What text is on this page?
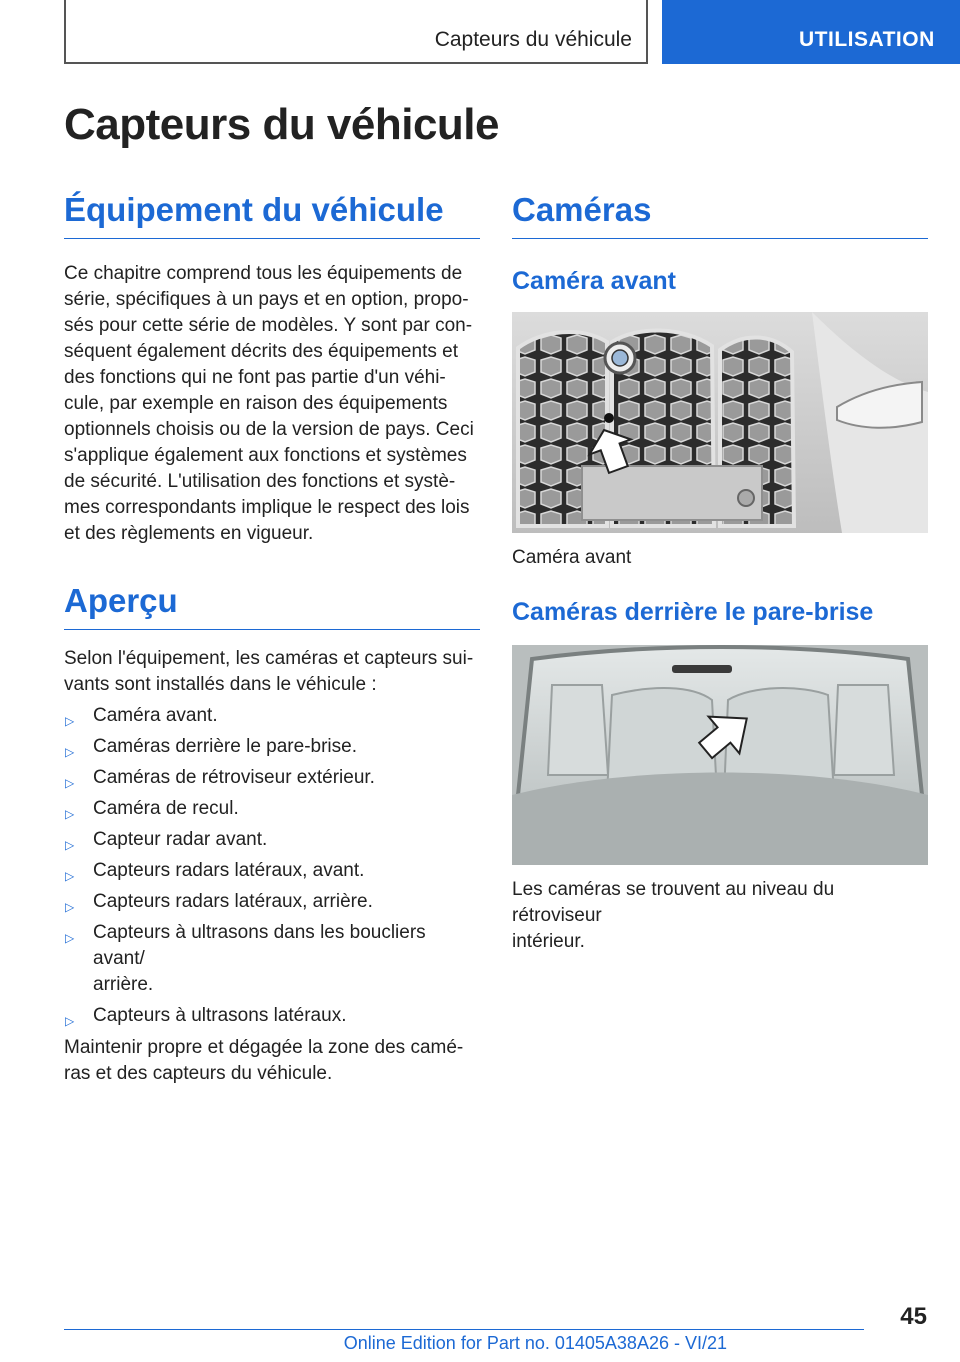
Capteurs du véhicule	UTILISATION
Capteurs du véhicule
Équipement du véhicule

Ce chapitre comprend tous les équipements de
série, spécifiques à un pays et en option, propo-
sés pour cette série de modèles. Y sont par con-
séquent également décrits des équipements et
des fonctions qui ne font pas partie d'un véhi-
cule, par exemple en raison des équipements
optionnels choisis ou de la version de pays. Ceci
s'applique également aux fonctions et systèmes
de sécurité. L'utilisation des fonctions et systè-
mes correspondants implique le respect des lois
et des règlements en vigueur.

Aperçu

Selon l'équipement, les caméras et capteurs sui-
vants sont installés dans le véhicule :

▷ Caméra avant.
▷ Caméras derrière le pare-brise.
▷ Caméras de rétroviseur extérieur.
▷ Caméra de recul.
▷ Capteur radar avant.
▷ Capteurs radars latéraux, avant.
▷ Capteurs radars latéraux, arrière.
▷ Capteurs à ultrasons dans les boucliers avant/
arrière.
▷ Capteurs à ultrasons latéraux.

Maintenir propre et dégagée la zone des camé-
ras et des capteurs du véhicule.

Caméras
Caméra avant
Caméra avant
Caméras derrière le pare-brise

Les caméras se trouvent au niveau du rétroviseur
intérieur.

45
Online Edition for Part no. 01405A38A26 - VI/21
